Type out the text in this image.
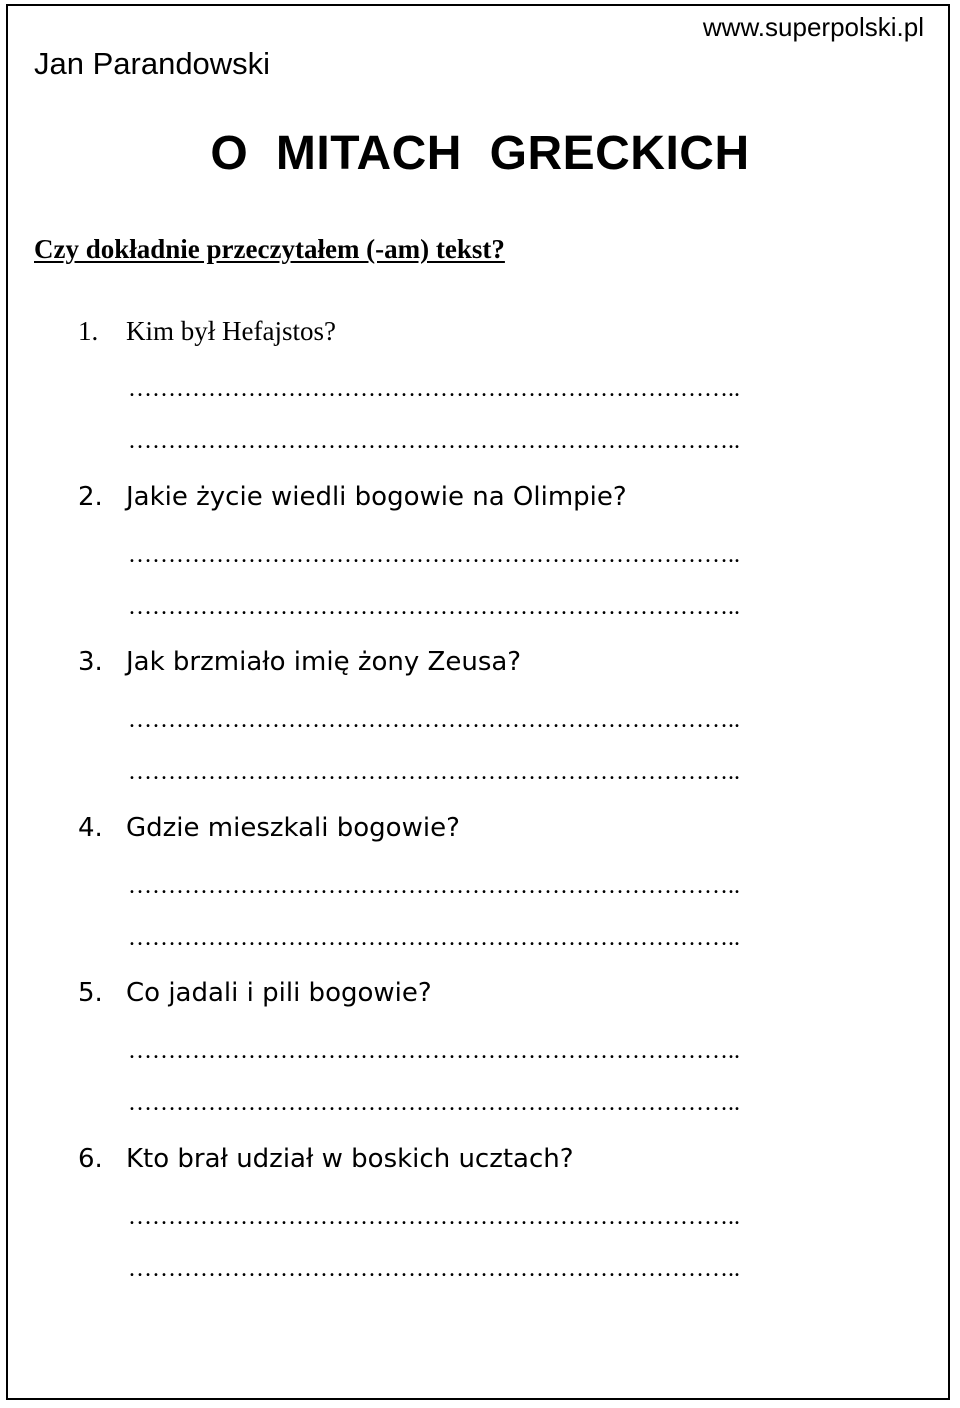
Jan Parandowski
www.superpolski.pl
O  MITACH  GRECKICH
Czy dokładnie przeczytałem (-am) tekst?
1.	Kim był Hefajstos?
…………………………………………………………………..
…………………………………………………………………..
2. Jakie życie wiedli bogowie na Olimpie?
…………………………………………………………………..
…………………………………………………………………..
3. Jak brzmiało imię żony Zeusa?
…………………………………………………………………..
…………………………………………………………………..
4. Gdzie mieszkali bogowie?
…………………………………………………………………..
…………………………………………………………………..
5. Co jadali i pili bogowie?
…………………………………………………………………..
…………………………………………………………………..
6. Kto brał udział w boskich ucztach?
…………………………………………………………………..
…………………………………………………………………..
